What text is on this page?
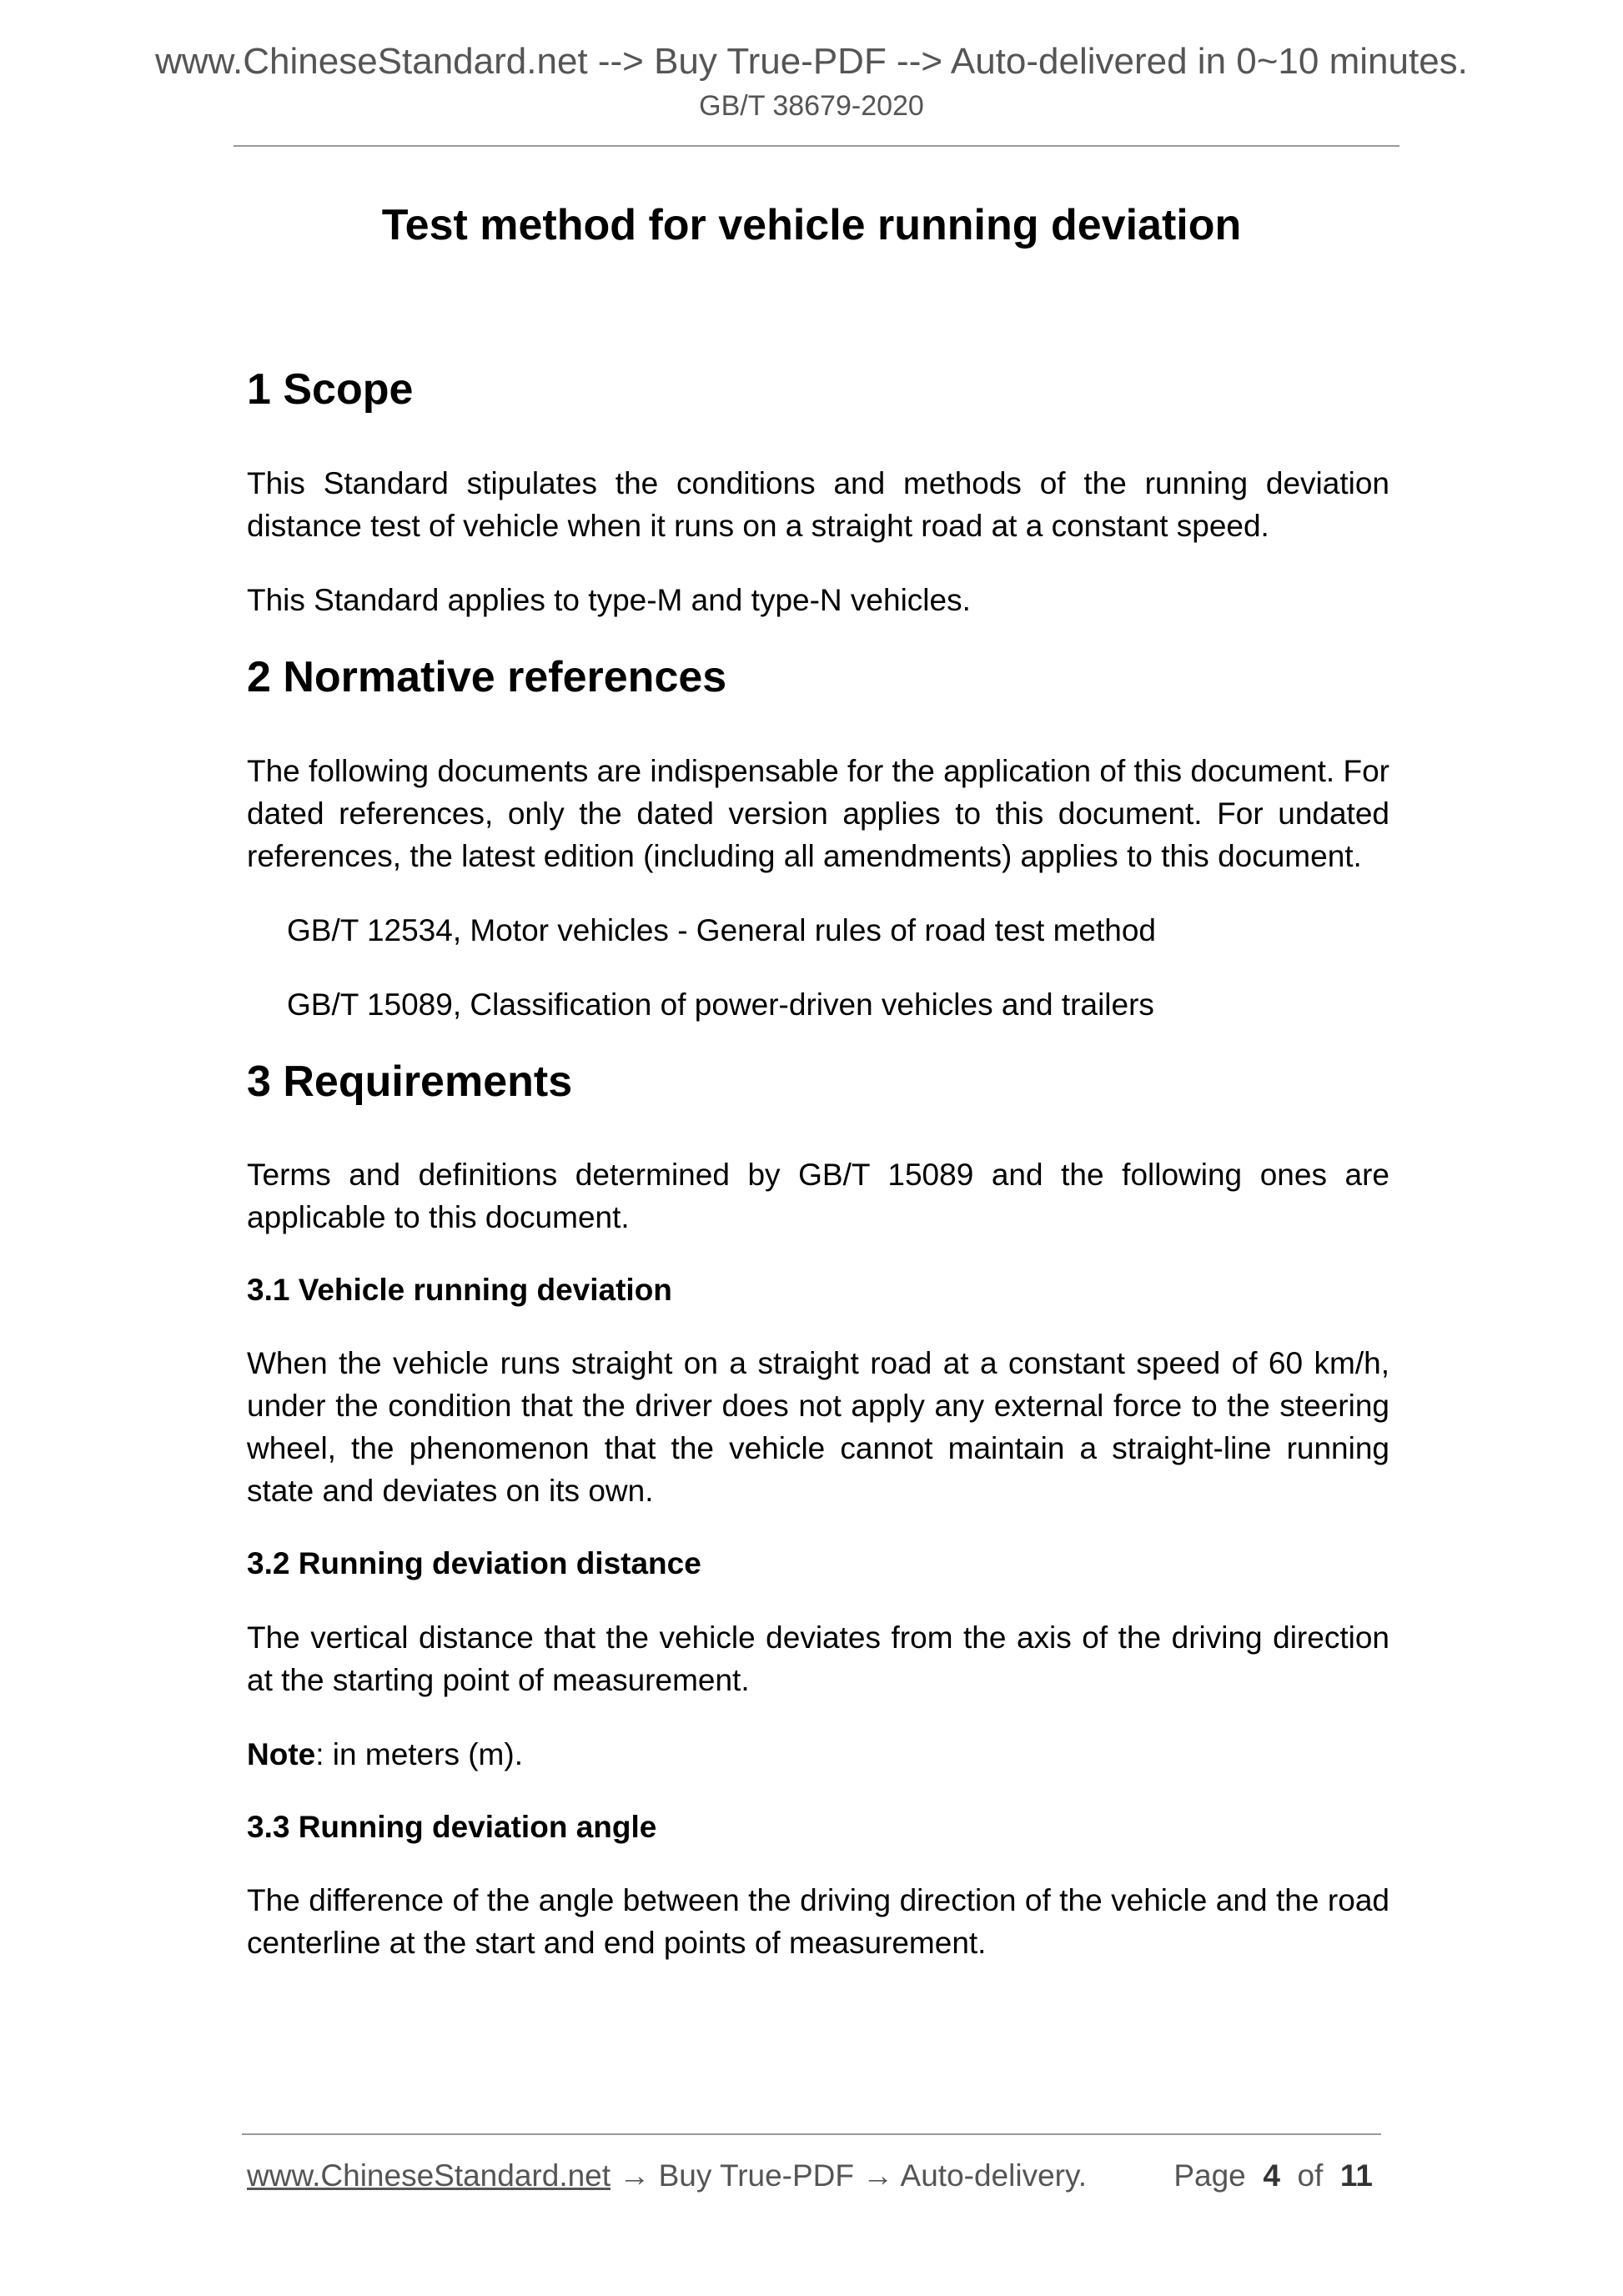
www.ChineseStandard.net --> Buy True-PDF --> Auto-delivered in 0~10 minutes.
GB/T 38679-2020
Test method for vehicle running deviation
1 Scope

This Standard stipulates the conditions and methods of the running deviation distance test of vehicle when it runs on a straight road at a constant speed.

This Standard applies to type-M and type-N vehicles.

2 Normative references

The following documents are indispensable for the application of this document. For dated references, only the dated version applies to this document. For undated references, the latest edition (including all amendments) applies to this document.

GB/T 12534, Motor vehicles - General rules of road test method

GB/T 15089, Classification of power-driven vehicles and trailers

3 Requirements

Terms and definitions determined by GB/T 15089 and the following ones are applicable to this document.

3.1 Vehicle running deviation

When the vehicle runs straight on a straight road at a constant speed of 60 km/h, under the condition that the driver does not apply any external force to the steering wheel, the phenomenon that the vehicle cannot maintain a straight-line running state and deviates on its own.

3.2 Running deviation distance

The vertical distance that the vehicle deviates from the axis of the driving direction at the starting point of measurement.

Note: in meters (m).

3.3 Running deviation angle

The difference of the angle between the driving direction of the vehicle and the road centerline at the start and end points of measurement.

www.ChineseStandard.net → Buy True-PDF → Auto-delivery.	Page 4 of 11
